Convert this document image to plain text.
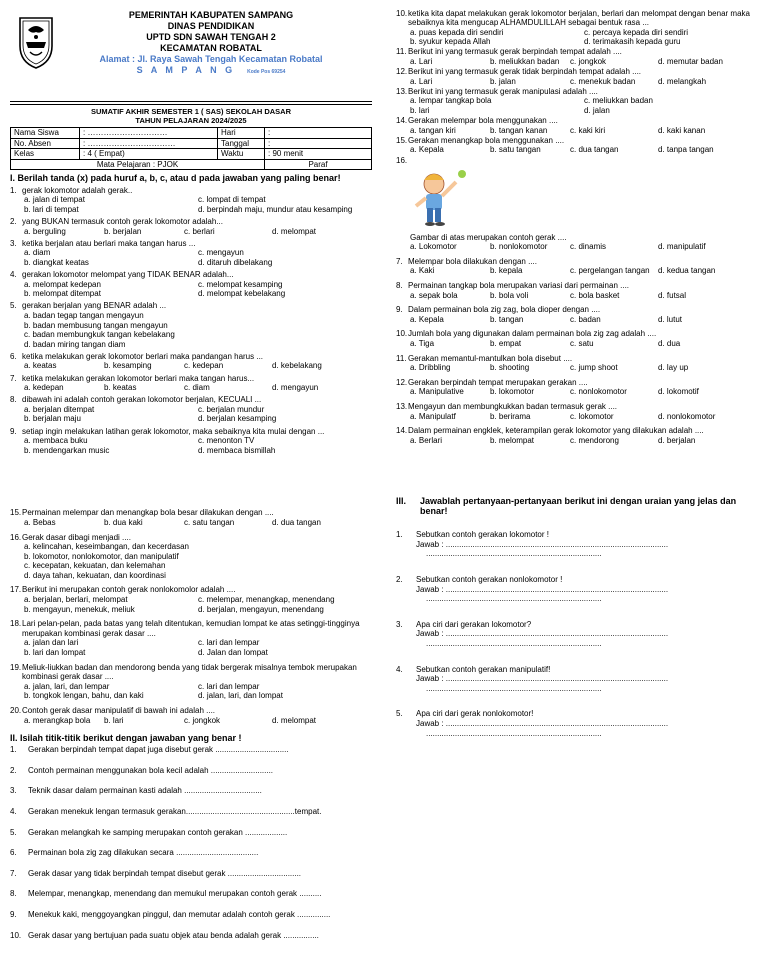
PEMERINTAH KABUPATEN SAMPANG
DINAS PENDIDIKAN
UPTD SDN SAWAH TENGAH 2
KECAMATAN ROBATAL
Alamat : Jl. Raya Sawah Tengah Kecamatan Robatal
S A M P A N G Kode Pos 69254
SUMATIF AKHIR SEMESTER 1 ( SAS) SEKOLAH DASAR
TAHUN PELAJARAN 2024/2025
Nama Siswa	: …………………………	Hari	:
No. Absen	: ……………………………	Tanggal	:
Kelas	: 4 ( Empat)	Waktu	: 90 menit
Mata Pelajaran : PJOK			Paraf
I. Berilah tanda (x) pada huruf a, b, c, atau d pada jawaban yang paling benar!
1. gerak lokomotor adalah gerak..
a. jalan di tempat	c. lompat di tempat
b. lari di tempat	d. berpindah maju, mundur atau kesamping
2. yang BUKAN termasuk contoh gerak lokomotor adalah...
a. berguling	b. berjalan	c. berlari	d. melompat
3. ketika berjalan atau berlari maka tangan harus ...
a. diam	c. mengayun
b. diangkat keatas	d. ditaruh dibelakang
4. gerakan lokomotor melompat yang TIDAK BENAR adalah...
a. melompat kedepan	c. melompat kesamping
b. melompat ditempat	d. melompat kebelakang
5. gerakan berjalan yang BENAR adalah ...
a. badan tegap tangan mengayun
b. badan membusung tangan mengayun
c. badan membungkuk tangan kebelakang
d. badan miring tangan diam
6. ketika melakukan gerak lokomotor berlari maka pandangan harus ...
a. keatas	b. kesamping	c. kedepan	d. kebelakang
7. ketika melakukan gerakan lokomotor berlari maka tangan harus...
a. kedepan	b. keatas	c. diam	d. mengayun
8. dibawah ini adalah contoh gerakan lokomotor berjalan, KECUALI ...
a. berjalan ditempat	c. berjalan mundur
b. berjalan maju	d. berjalan kesamping
9. setiap ingin melakukan latihan gerak lokomotor, maka sebaiknya kita mulai dengan ...
a. membaca buku	c. menonton TV
b. mendengarkan music	d. membaca bismillah
15. Permainan melempar dan menangkap bola besar dilakukan dengan ....
a. Bebas	b. dua kaki	c. satu tangan	d. dua tangan
16. Gerak dasar dibagi menjadi ....
a. kelincahan, keseimbangan, dan kecerdasan
b. lokomotor, nonlokomotor, dan manipulatif
c. kecepatan, kekuatan, dan kelemahan
d. daya tahan, kekuatan, dan koordinasi
17. Berikut ini merupakan contoh gerak nonlokomolor adalah ....
a. berjalan, berlari, melompat	c. melempar, menangkap, menendang
b. mengayun, menekuk, meliuk	d. berjalan, mengayun, menendang
18. Lari pelan-pelan, pada batas yang telah ditentukan, kemudian lompat ke atas setinggi-tingginya merupakan kombinasi gerak dasar ....
a. jalan dan lari	c. lari dan lempar
b. lari dan lompat	d. Jalan dan lompat
19. Meliuk-liukkan badan dan mendorong benda yang tidak bergerak misalnya tembok merupakan kombinasi gerak dasar ....
a. jalan, lari, dan lempar	c. lari dan lempar
b. tongkok lengan, bahu, dan kaki	d. jalan, lari, dan lompat
20. Contoh gerak dasar manipulatif di bawah ini adalah ....
a. merangkap bola	b. lari	c. jongkok	d. melompat
II. Isilah titik-titik berikut dengan jawaban yang benar !
1.	Gerakan berpindah tempat dapat juga disebut gerak .................................
2.	Contoh permainan menggunakan bola kecil adalah ............................
3.	Teknik dasar dalam permainan kasti adalah ...................................
4.	Gerakan menekuk lengan termasuk gerakan.................................................tempat.
5.	Gerakan melangkah ke samping merupakan contoh gerakan ...................
6.	Permainan bola zig zag dilakukan secara .....................................
7.	Gerak dasar yang tidak berpindah tempat disebut gerak .................................
8.	Melempar, menangkap, menendang dan memukul merupakan contoh gerak ..........
9.	Menekuk kaki, menggoyangkan pinggul, dan memutar adalah contoh gerak ...............
10. Gerak dasar yang bertujuan pada suatu objek atau benda adalah gerak ................
10. ketika kita dapat melakukan gerak lokomotor berjalan, berlari dan melompat dengan benar maka sebaiknya kita mengucap ALHAMDULILLAH sebagai bentuk rasa ...
a. puas kepada diri sendiri	c. percaya kepada diri sendiri
b. syukur kepada Allah	d. terimakasih kepada guru
11. Berikut ini yang termasuk gerak berpindah tempat adalah ....
a. Lari	b. meliukkan badan	c. jongkok	d. memutar badan
12. Berikut ini yang termasuk gerak tidak berpindah tempat adalah ....
a. Lari	b. jalan	c. menekuk badan	d. melangkah
13. Berikut ini yang termasuk gerak manipulasi adalah ....
a. lempar tangkap bola	c. meliukkan badan
b. lari	d. jalan
14. Gerakan melempar bola menggunakan ....
a. tangan kiri	b. tangan kanan	c. kaki kiri	d. kaki kanan
15. Gerakan menangkap bola menggunakan ....
a. Kepala	b. satu tangan	c. dua tangan	d. tanpa tangan
16.
Gambar di atas merupakan contoh gerak ....
a. Lokomotor	b. nonlokomotor	c. dinamis	d. manipulatif
7. Melempar bola dilakukan dengan ....
a. Kaki	b. kepala	c. pergelangan tangan	d. kedua tangan
8. Permainan tangkap bola merupakan variasi dari permainan ....
a. sepak bola	b. bola voli	c. bola basket	d. futsal
9. Dalam permainan bola zig zag, bola dioper dengan ....
a. Kepala	b. tangan	c. badan	d. lutut
10. Jumlah bola yang digunakan dalam permainan bola zig zag adalah ....
a. Tiga	b. empat	c. satu	d. dua
11. Gerakan memantul-mantulkan bola disebut ....
a. Dribbling	b. shooting	c. jump shoot	d. lay up
12. Gerakan berpindah tempat merupakan gerakan ....
a. Manipulative	b. lokomotor	c. nonlokomotor	d. lokomotif
13. Mengayun dan membungkukkan badan termasuk gerak ....
a. Manipulatf	b. berirama	c. lokomotor	d. nonlokomotor
14. Dalam permainan engklek, keterampilan gerak lokomotor yang dilakukan adalah ....
a. Berlari	b. melompat	c. mendorong	d. berjalan
III.	Jawablah pertanyaan-pertanyaan berikut ini dengan uraian yang jelas dan benar!
1.	Sebutkan contoh gerakan lokomotor !
Jawab : ....................................................................................................
...............................................................................
2.	Sebutkan contoh gerakan nonlokomotor !
Jawab : ....................................................................................................
...............................................................................
3.	Apa ciri dari gerakan lokomotor?
Jawab : ....................................................................................................
...............................................................................
4.	Sebutkan contoh gerakan manipulatif!
Jawab : ....................................................................................................
...............................................................................
5.	Apa ciri dari gerak nonlokomotor!
Jawab : ....................................................................................................
...............................................................................
